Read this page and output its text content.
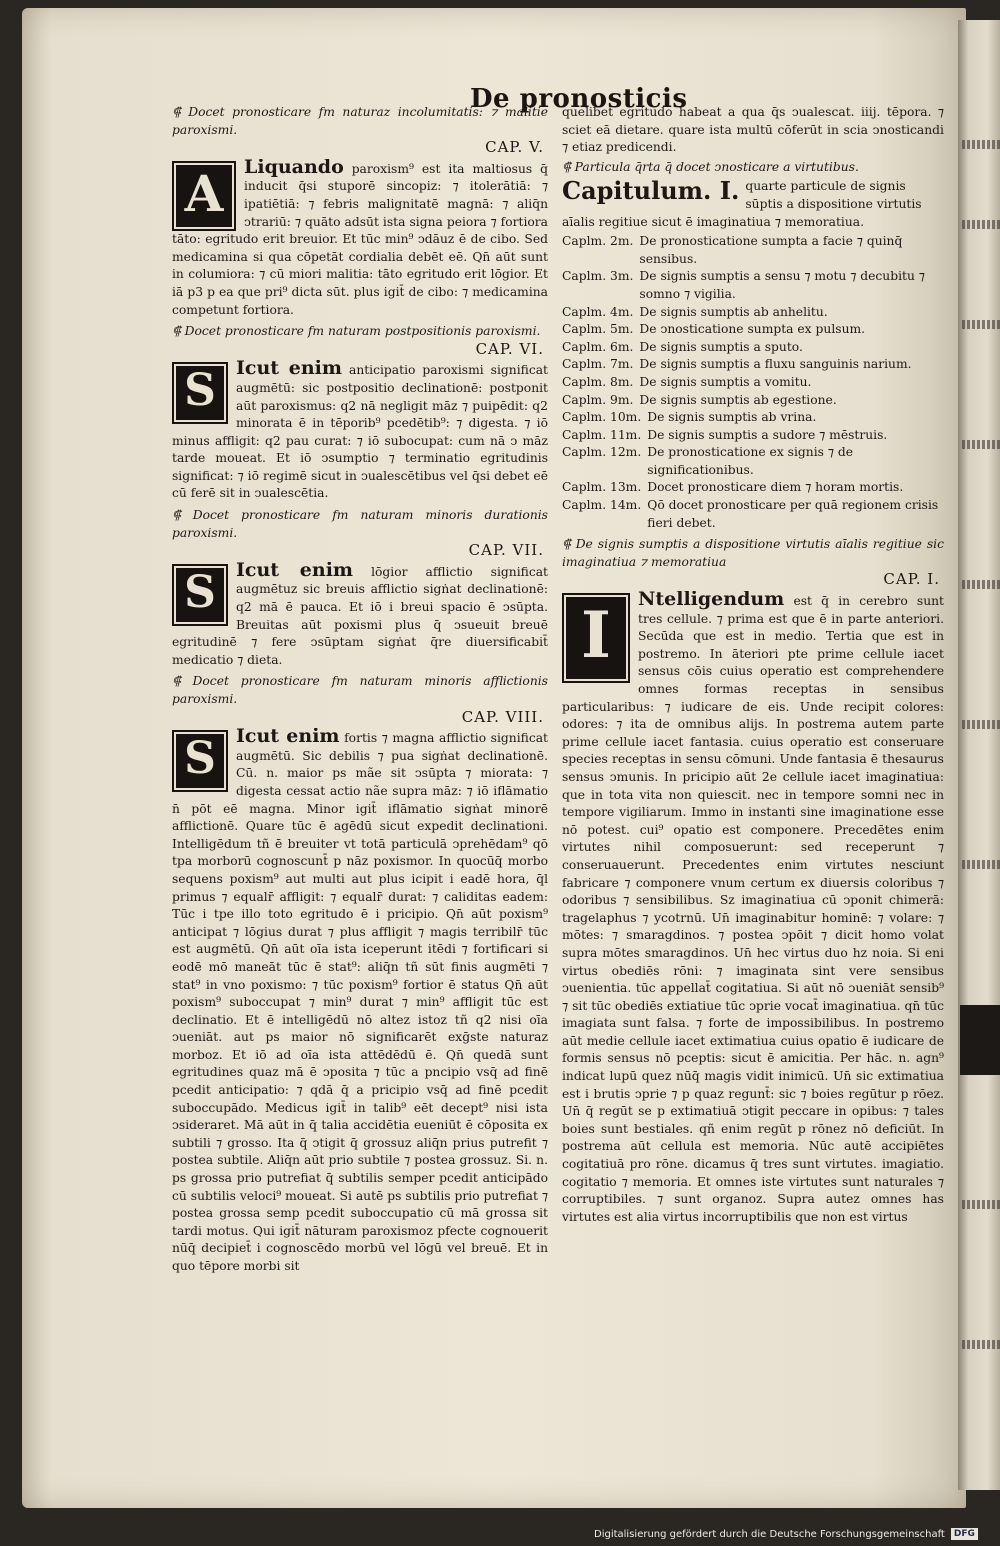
De pronosticis

⸿ Docet pronosticare fm naturaz incolumitatis: ⁊ malitie paroxismi.

CAP. V.
A	Liquando paroxism⁹ est ita maltiosus q̄ inducit q̄si stuporē sincopiz: ⁊ itolerātiā: ⁊ ipatiētiā: ⁊ febris malignitatē magnā: ⁊ aliq̄n ↄtrariū: ⁊ quāto adsūt ista signa peiora ⁊ fortiora tāto: egritudo erit breuior. Et tūc min⁹ ↄdāuz ē de cibo. Sed medicamina si qua cōpetāt cordialia debēt eē. Qn̄ aūt sunt in columiora: ⁊ cū miori malitia: tāto egritudo erit lōgior. Et iā p3 p ea que pri⁹ dicta sūt. plus igit̄ de cibo: ⁊ medicamina competunt fortiora.

⸿ Docet pronosticare fm naturam postpositionis paroxismi.

CAP. VI.
S	Icut enim anticipatio paroxismi significat augmētū: sic postpositio declinationē: postponit aūt paroxismus: q2 nā negligit māz ⁊ puipēdit: q2 minorata ē in tēporib⁹ pcedētib⁹: ⁊ digesta. ⁊ iō minus affligit: q2 pau curat: ⁊ iō subocupat: cum nā ↄ māz tarde moueat. Et iō ↄsumptio ⁊ terminatio egritudinis significat: ⁊ iō regimē sicut in ↄualescētibus vel q̄si debet eē cū ferē sit in ↄualescētia.

⸿ Docet pronosticare fm naturam minoris durationis paroxismi.

CAP. VII.
S	Icut enim lōgior afflictio significat augmētuz sic breuis afflictio sigṅat declinationē: q2 mā ē pauca. Et iō i breui spacio ē ↄsūpta. Breuitas aūt poxismi plus q̄ ↄsueuit breuē egritudinē ⁊ fere ↄsūptam sigṅat q̄re diuersificabit̄ medicatio ⁊ dieta.

⸿ Docet pronosticare fm naturam minoris afflictionis paroxismi.

CAP. VIII.
S	Icut enim fortis ⁊ magna afflictio significat augmētū. Sic debilis ⁊ pua sigṅat declinationē. Cū. n. maior ps mãe sit ↄsūpta ⁊ miorata: ⁊ digesta cessat actio nãe supra māz: ⁊ iō iflāmatio n̄ pōt eē magna. Minor igit̄ iflāmatio sigṅat minorē afflictionē. Quare tūc ē agēdū sicut expedit declinationi. Intelligēdum tñ ē breuiter vt totā particulā ↄprehēdam⁹ qō tpa morborū cognoscunt̄ p nāz poxismor. In quocūq̄ morbo sequens poxism⁹ aut multi aut plus icipit i eadē hora, q̄l primus ⁊ equalr̄ affligit: ⁊ equalr̄ durat: ⁊ caliditas eadem: Tūc i tpe illo toto egritudo ē i pricipio. Qn̄ aūt poxism⁹ anticipat ⁊ lōgius durat ⁊ plus affligit ⁊ magis terribilr̄ tūc est augmētū. Qn̄ aūt oīa ista iceperunt itēdi ⁊ fortificari si eodē mō maneāt tūc ē stat⁹: aliq̄n tñ sūt finis augmēti ⁊ stat⁹ in vno poxismo: ⁊ tūc poxism⁹ fortior ē status Qn̄ aūt poxism⁹ suboccupat ⁊ min⁹ durat ⁊ min⁹ affligit tūc est declinatio. Et ē intelligēdū nō altez istoz tñ q2 nisi oīa ↄueniāt. aut ps maior nō significarēt exḡste naturaz morboz. Et iō ad oīa ista attēdēdū ē. Qn̄ quedā sunt egritudines quaz mā ē ↄposita ⁊ tūc a pncipio vsq̄ ad finē pcedit anticipatio: ⁊ qdā q̄ a pricipio vsq̄ ad finē pcedit suboccupādo. Medicus igit̄ in talib⁹ eēt decept⁹ nisi ista ↄsideraret. Mā aūt in q̄ talia accidētia eueniūt ē cōposita ex subtili ⁊ grosso. Ita q̄ ↄtigit q̄ grossuz aliq̄n prius putrefit ⁊ postea subtile. Aliq̄n aūt prio subtile ⁊ postea grossuz. Si. n. ps grossa prio putrefiat q̄ subtilis semper pcedit anticipādo cū subtilis veloci⁹ moueat. Si autē ps subtilis prio putrefiat ⁊ postea grossa semp pcedit suboccupatio cū mā grossa sit tardi motus. Qui igit̄ nāturam paroxismoz pfecte cognouerit nūq̄ decipiet̄ i cognoscēdo morbū vel lōgū vel breuē. Et in quo tēpore morbi sit

quelibet egritudo habeat a qua q̄s ↄualescat. iiij. tēpora. ⁊ sciet eā dietare. quare ista multū cōferūt in scia ↄnosticandi ⁊ etiaz predicendi.

⸿ Particula q̄rta q̄ docet ↄnosticare a virtutibus.

Capitulum. I. quarte particule de signis sūptis a dispositione virtutis aīalis regitiue sicut ē imaginatiua ⁊ memoratiua.
Caplm. 2m. De pronosticatione sumpta a facie ⁊ quinq̄ sensibus.
Caplm. 3m. De signis sumptis a sensu ⁊ motu ⁊ decubitu ⁊ somno ⁊ vigilia.
Caplm. 4m. De signis sumptis ab anhelitu.
Caplm. 5m. De ↄnosticatione sumpta ex pulsum.
Caplm. 6m. De signis sumptis a sputo.
Caplm. 7m. De signis sumptis a fluxu sanguinis narium.
Caplm. 8m. De signis sumptis a vomitu.
Caplm. 9m. De signis sumptis ab egestione.
Caplm. 10m. De signis sumptis ab vrina.
Caplm. 11m. De signis sumptis a sudore ⁊ mēstruis.
Caplm. 12m. De pronosticatione ex signis ⁊ de significationibus.
Caplm. 13m. Docet pronosticare diem ⁊ horam mortis.
Caplm. 14m. Qō docet pronosticare per quā regionem crisis fieri debet.

⸿ De signis sumptis a dispositione virtutis aīalis regitiue sic imaginatiua ⁊ memoratiua

CAP. I.
I	Ntelligendum est q̄ in cerebro sunt tres cellule. ⁊ prima est que ē in parte anteriori. Secūda que est in medio. Tertia que est in postremo. In āteriori pte prime cellule iacet sensus cōis cuius operatio est comprehendere omnes formas receptas in sensibus particularibus: ⁊ iudicare de eis. Unde recipit colores: odores: ⁊ ita de omnibus alijs. In postrema autem parte prime cellule iacet fantasia. cuius operatio est conseruare species receptas in sensu cōmuni. Unde fantasia ē thesaurus sensus ↄmunis. In pricipio aūt 2e cellule iacet imaginatiua: que in tota vita non quiescit. nec in tempore somni nec in tempore vigiliarum. Immo in instanti sine imaginatione esse nō potest. cui⁹ opatio est componere. Precedētes enim virtutes nihil composuerunt: sed receperunt ⁊ conseruauerunt. Precedentes enim virtutes nesciunt fabricare ⁊ componere vnum certum ex diuersis coloribus ⁊ odoribus ⁊ sensibilibus. Sz imaginatiua cū ↄponit chimerā: tragelaphus ⁊ ycotrnū. Un̄ imaginabitur hominē: ⁊ volare: ⁊ mōtes: ⁊ smaragdinos. ⁊ postea ↄpōit ⁊ dicit homo volat supra mōtes smaragdinos. Un̄ hec virtus duo hz noia. Si eni virtus obediēs rōni: ⁊ imaginata sint vere sensibus ↄuenientia. tūc appellat̄ cogitatiua. Si aūt nō ↄueniāt sensib⁹ ⁊ sit tūc obediēs extiatiue tūc ↄprie vocat̄ imaginatiua. qn̄ tūc imagiata sunt falsa. ⁊ forte de impossibilibus. In postremo aūt medie cellule iacet extimatiua cuius opatio ē iudicare de formis sensus nō pceptis: sicut ē amicitia. Per hāc. n. agn⁹ indicat lupū quez nūq̄ magis vidit inimicū. Un̄ sic extimatiua est i brutis ↄprie ⁊ p quaz regunt̄: sic ⁊ boies regūtur p rōez. Un̄ q̄ regūt se p extimatiuā ↄtigit peccare in opibus: ⁊ tales boies sunt bestiales. qñ enim regūt p rōnez nō deficiūt. In postrema aūt cellula est memoria. Nūc autē accipiētes cogitatiuā pro rōne. dicamus q̄ tres sunt virtutes. imagiatio. cogitatio ⁊ memoria. Et omnes iste virtutes sunt naturales ⁊ corruptibiles. ⁊ sunt organoz. Supra autez omnes has virtutes est alia virtus incorruptibilis que non est virtus

Digitalisierung gefördert durch die Deutsche Forschungsgemeinschaft	DFG
